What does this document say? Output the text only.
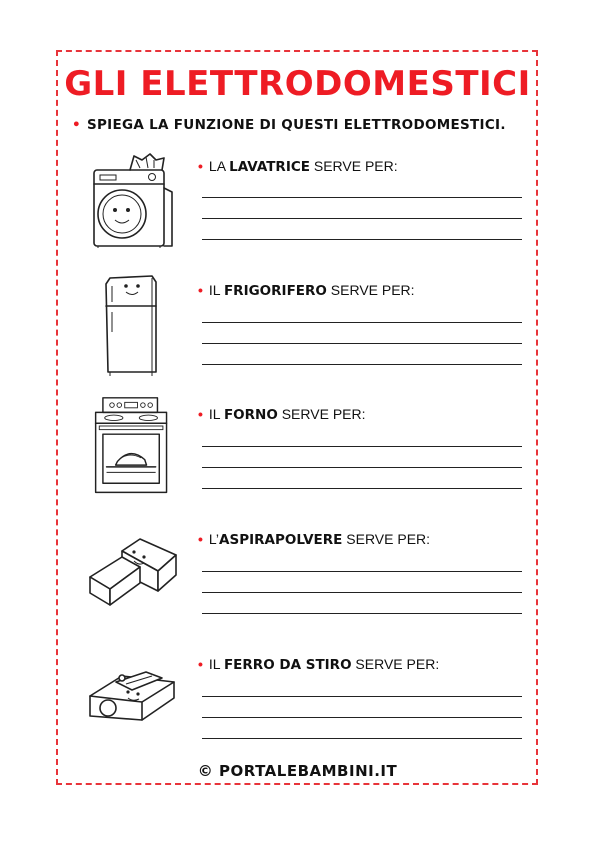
GLI ELETTRODOMESTICI
• SPIEGA LA FUNZIONE DI QUESTI ELETTRODOMESTICI.
• LA LAVATRICE SERVE PER:
• IL FRIGORIFERO SERVE PER:
• IL FORNO SERVE PER:
• L’ASPIRAPOLVERE SERVE PER:
• IL FERRO DA STIRO SERVE PER:
© PORTALEBAMBINI.IT
